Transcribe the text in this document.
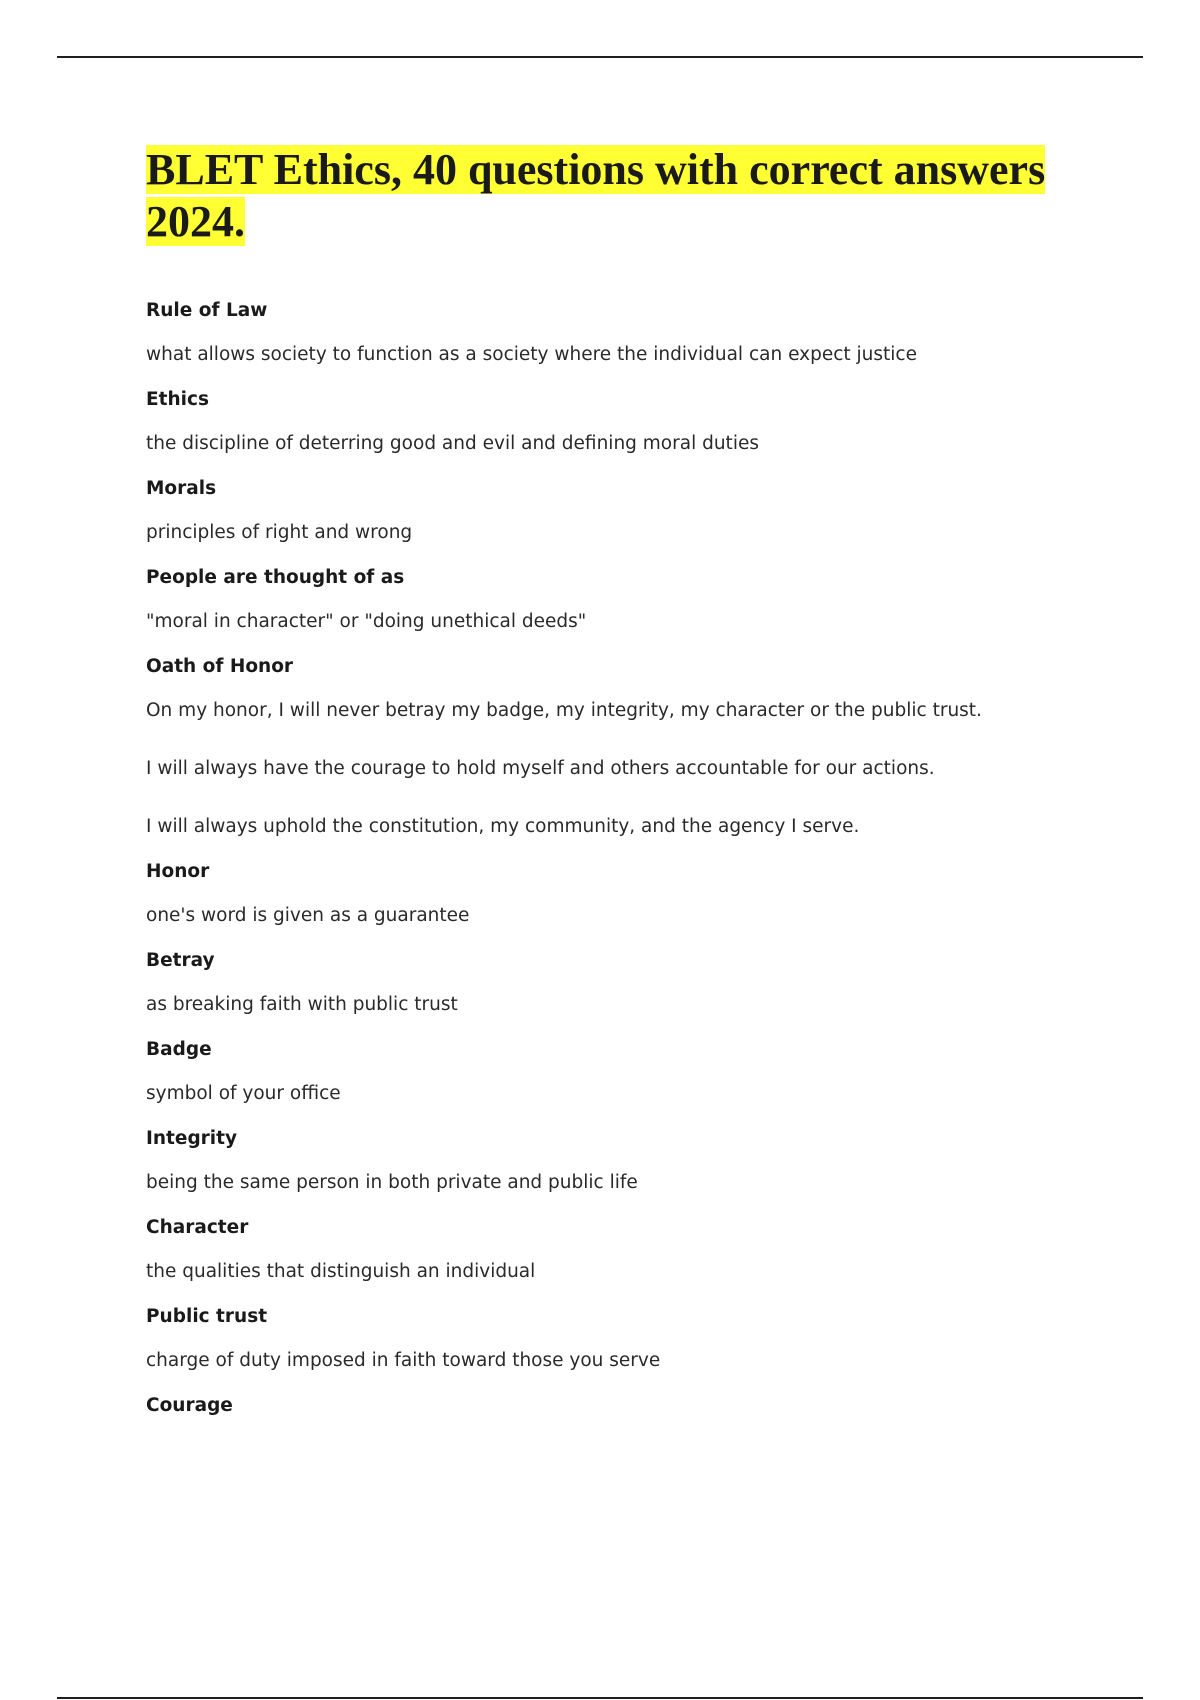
BLET Ethics, 40 questions with correct answers 2024.

Rule of Law

what allows society to function as a society where the individual can expect justice

Ethics

the discipline of deterring good and evil and defining moral duties

Morals

principles of right and wrong

People are thought of as

"moral in character" or "doing unethical deeds"

Oath of Honor

On my honor, I will never betray my badge, my integrity, my character or the public trust.

I will always have the courage to hold myself and others accountable for our actions.

I will always uphold the constitution, my community, and the agency I serve.

Honor

one's word is given as a guarantee

Betray

as breaking faith with public trust

Badge

symbol of your office

Integrity

being the same person in both private and public life

Character

the qualities that distinguish an individual

Public trust

charge of duty imposed in faith toward those you serve

Courage
